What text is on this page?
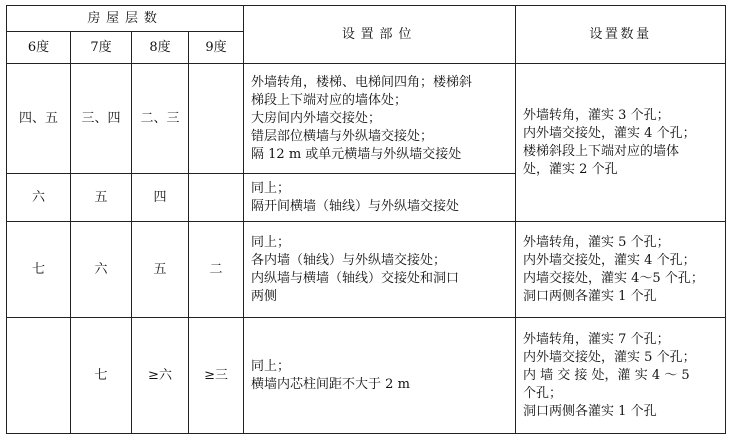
房屋层数				设置部位	设置数量
6度	7度	8度	9度		
四、五	三、四	二、三		外墙转角，楼梯、电梯间四角；楼梯斜
梯段上下端对应的墙体处；
大房间内外墙交接处；
错层部位横墙与外纵墙交接处；
隔 12 m 或单元横墙与外纵墙交接处	外墙转角，灌实 3 个孔；
内外墙交接处，灌实 4 个孔；
楼梯斜段上下端对应的墙体
处，灌实 2 个孔

六	五	四		同上；
隔开间横墙（轴线）与外纵墙交接处	

七	六	五	二	同上；
各内墙（轴线）与外纵墙交接处；
内纵墙与横墙（轴线）交接处和洞口
两侧	外墙转角，灌实 5 个孔；
内外墙交接处，灌实 4 个孔；
内墙交接处，灌实 4～5 个孔；
洞口两侧各灌实 1 个孔

	七	≥六	≥三	同上；
横墙内芯柱间距不大于 2 m	外墙转角，灌实 7 个孔；
内外墙交接处，灌实 5 个孔；
内 墙 交 接 处，灌 实 4 ～ 5
个孔；
洞口两侧各灌实 1 个孔
